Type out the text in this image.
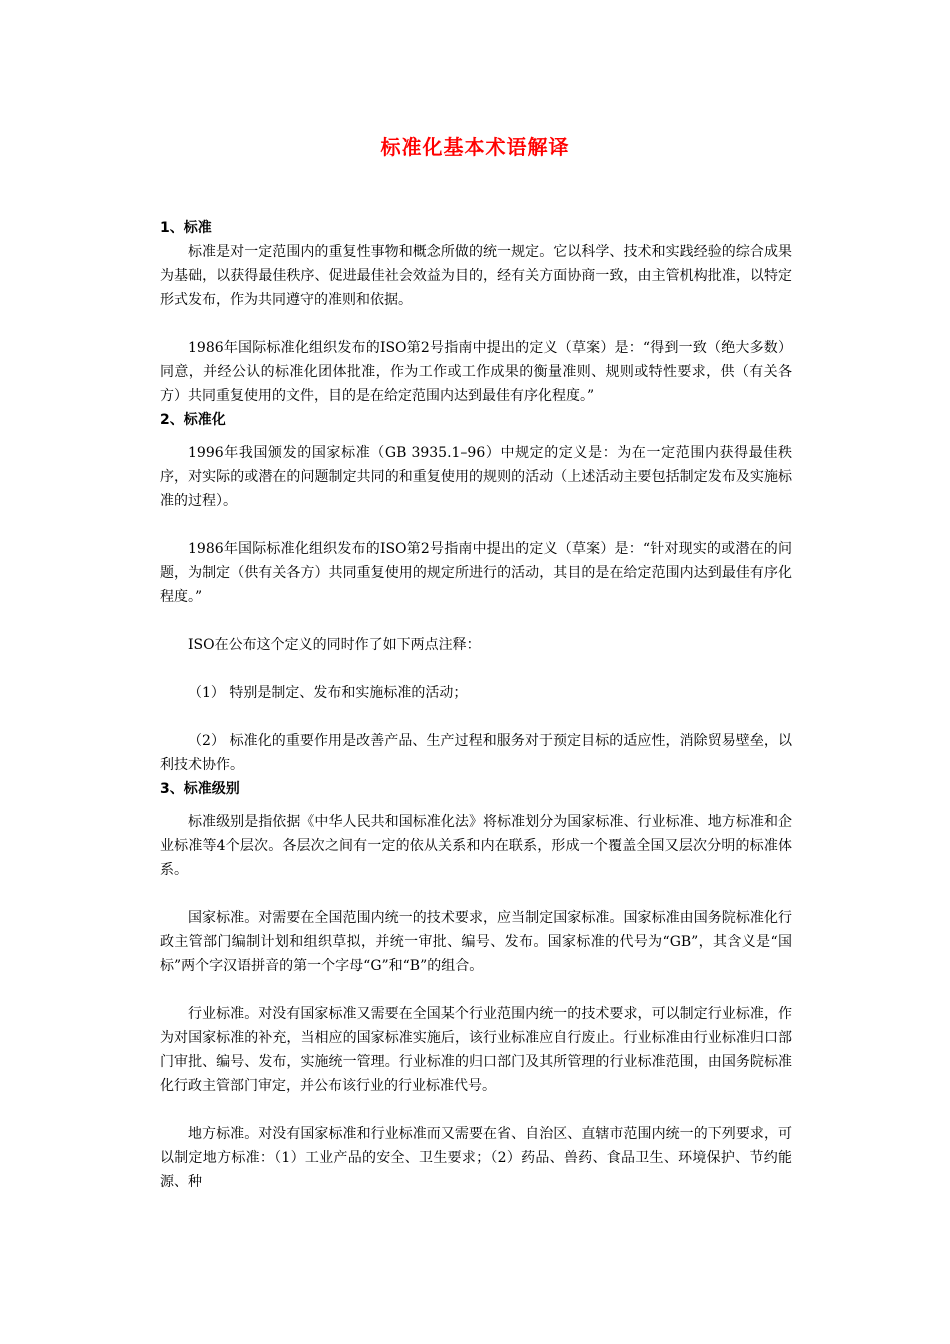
标准化基本术语解译
1、标准

标准是对一定范围内的重复性事物和概念所做的统一规定。它以科学、技术和实践经验的综合成果为基础，以获得最佳秩序、促进最佳社会效益为目的，经有关方面协商一致，由主管机构批准，以特定形式发布，作为共同遵守的准则和依据。

1986年国际标准化组织发布的ISO第2号指南中提出的定义（草案）是：“得到一致（绝大多数）同意，并经公认的标准化团体批准，作为工作或工作成果的衡量准则、规则或特性要求，供（有关各方）共同重复使用的文件，目的是在给定范围内达到最佳有序化程度。”

2、标准化

1996年我国颁发的国家标准（GB 3935.1–96）中规定的定义是：为在一定范围内获得最佳秩序，对实际的或潜在的问题制定共同的和重复使用的规则的活动（上述活动主要包括制定发布及实施标准的过程）。

1986年国际标准化组织发布的ISO第2号指南中提出的定义（草案）是：“针对现实的或潜在的问题，为制定（供有关各方）共同重复使用的规定所进行的活动，其目的是在给定范围内达到最佳有序化程度。”

ISO在公布这个定义的同时作了如下两点注释：

（1） 特别是制定、发布和实施标准的活动；

（2） 标准化的重要作用是改善产品、生产过程和服务对于预定目标的适应性，消除贸易壁垒，以利技术协作。

3、标准级别

标准级别是指依据《中华人民共和国标准化法》将标准划分为国家标准、行业标准、地方标准和企业标准等4个层次。各层次之间有一定的依从关系和内在联系，形成一个覆盖全国又层次分明的标准体系。

国家标准。对需要在全国范围内统一的技术要求，应当制定国家标准。国家标准由国务院标准化行政主管部门编制计划和组织草拟，并统一审批、编号、发布。国家标准的代号为“GB”，其含义是“国标”两个字汉语拼音的第一个字母“G”和“B”的组合。

行业标准。对没有国家标准又需要在全国某个行业范围内统一的技术要求，可以制定行业标准，作为对国家标准的补充，当相应的国家标准实施后，该行业标准应自行废止。行业标准由行业标准归口部门审批、编号、发布，实施统一管理。行业标准的归口部门及其所管理的行业标准范围，由国务院标准化行政主管部门审定，并公布该行业的行业标准代号。

地方标准。对没有国家标准和行业标准而又需要在省、自治区、直辖市范围内统一的下列要求，可以制定地方标准：（1）工业产品的安全、卫生要求；（2）药品、兽药、食品卫生、环境保护、节约能源、种
